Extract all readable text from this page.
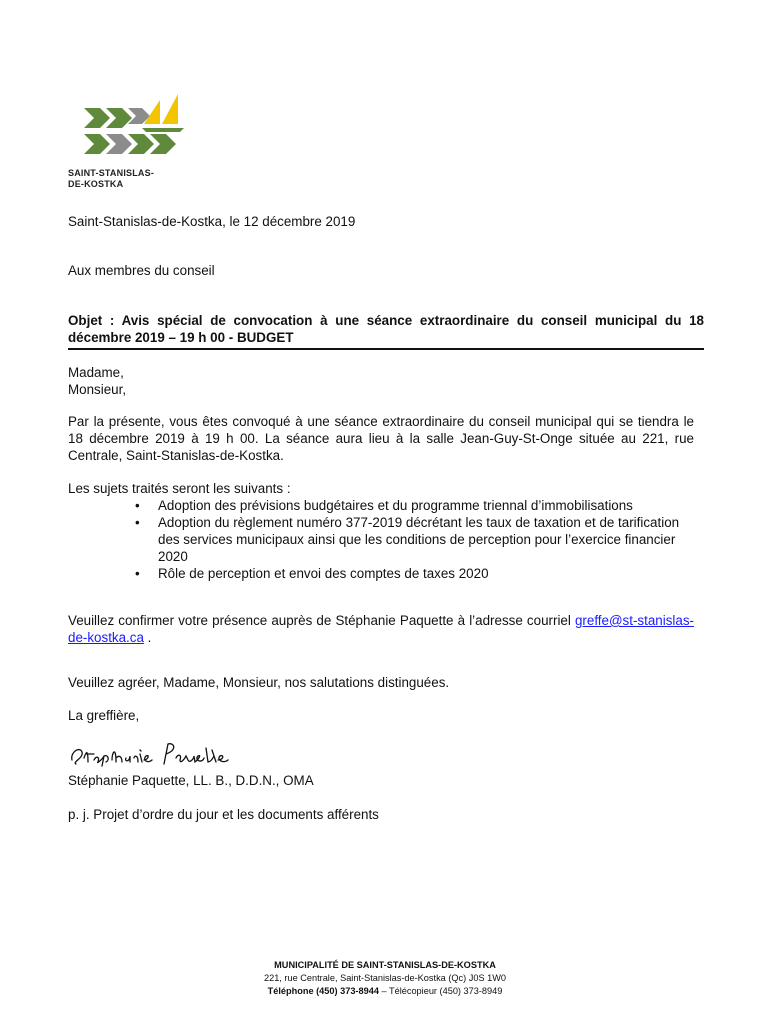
SAINT-STANISLAS-
DE-KOSTKA
Saint-Stanislas-de-Kostka, le 12 décembre 2019
Aux membres du conseil
Objet : Avis spécial de convocation à une séance extraordinaire du conseil municipal du 18 décembre 2019 – 19 h 00 - BUDGET
Madame,
Monsieur,
Par la présente, vous êtes convoqué à une séance extraordinaire du conseil municipal qui se tiendra le 18 décembre 2019 à 19 h 00. La séance aura lieu à la salle Jean-Guy-St-Onge située au 221, rue Centrale, Saint-Stanislas-de-Kostka.
Les sujets traités seront les suivants :
• Adoption des prévisions budgétaires et du programme triennal d’immobilisations
• Adoption du règlement numéro 377-2019 décrétant les taux de taxation et de tarification des services municipaux ainsi que les conditions de perception pour l’exercice financier 2020
• Rôle de perception et envoi des comptes de taxes 2020
Veuillez confirmer votre présence auprès de Stéphanie Paquette à l’adresse courriel greffe@st-stanislas-de-kostka.ca .
Veuillez agréer, Madame, Monsieur, nos salutations distinguées.
La greffière,
Stéphanie Paquette, LL. B., D.D.N., OMA
p. j. Projet d’ordre du jour et les documents afférents
MUNICIPALITÉ DE SAINT-STANISLAS-DE-KOSTKA
221, rue Centrale, Saint-Stanislas-de-Kostka (Qc) J0S 1W0
Téléphone (450) 373-8944 – Télécopieur (450) 373-8949
